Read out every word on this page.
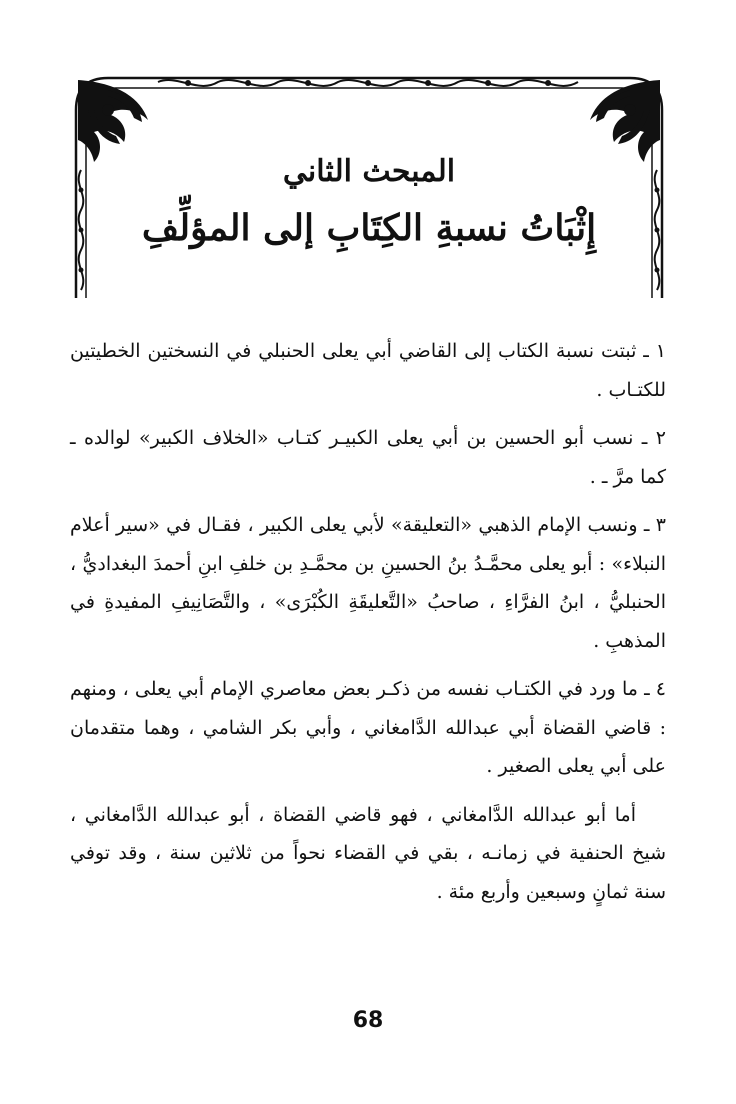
المبحث الثاني

إِثْبَاتُ نسبةِ الكِتَابِ إلى المؤلِّفِ

١ ـ ثبتت نسبة الكتاب إلى القاضي أبي يعلى الحنبلي في النسختين الخطيتين للكتـاب .

٢ ـ نسب أبو الحسين بن أبي يعلى الكبيـر كتـاب «الخلاف الكبير» لوالده ـ كما مرَّ ـ .

٣ ـ ونسب الإمام الذهبي «التعليقة» لأبي يعلى الكبير ، فقـال في «سير أعلام النبلاء» : أبو يعلى محمَّـدُ بنُ الحسينِ بن محمَّـدِ بن خلفِ ابنِ أحمدَ البغداديُّ ، الحنبليُّ ، ابنُ الفرَّاءِ ، صاحبُ «التَّعليقَةِ الكُبْرَى» ، والتَّصَانِيفِ المفيدةِ في المذهبِ .

٤ ـ ما ورد في الكتـاب نفسه من ذكـر بعض معاصري الإمام أبي يعلى ، ومنهم : قاضي القضاة أبي عبدالله الدَّامغاني ، وأبي بكر الشامي ، وهما متقدمان على أبي يعلى الصغير .

أما أبو عبدالله الدَّامغاني ، فهو قاضي القضاة ، أبو عبدالله الدَّامغاني ، شيخ الحنفية في زمانـه ، بقي في القضاء نحواً من ثلاثين سنة ، وقد توفي سنة ثمانٍ وسبعين وأربع مئة .

68
